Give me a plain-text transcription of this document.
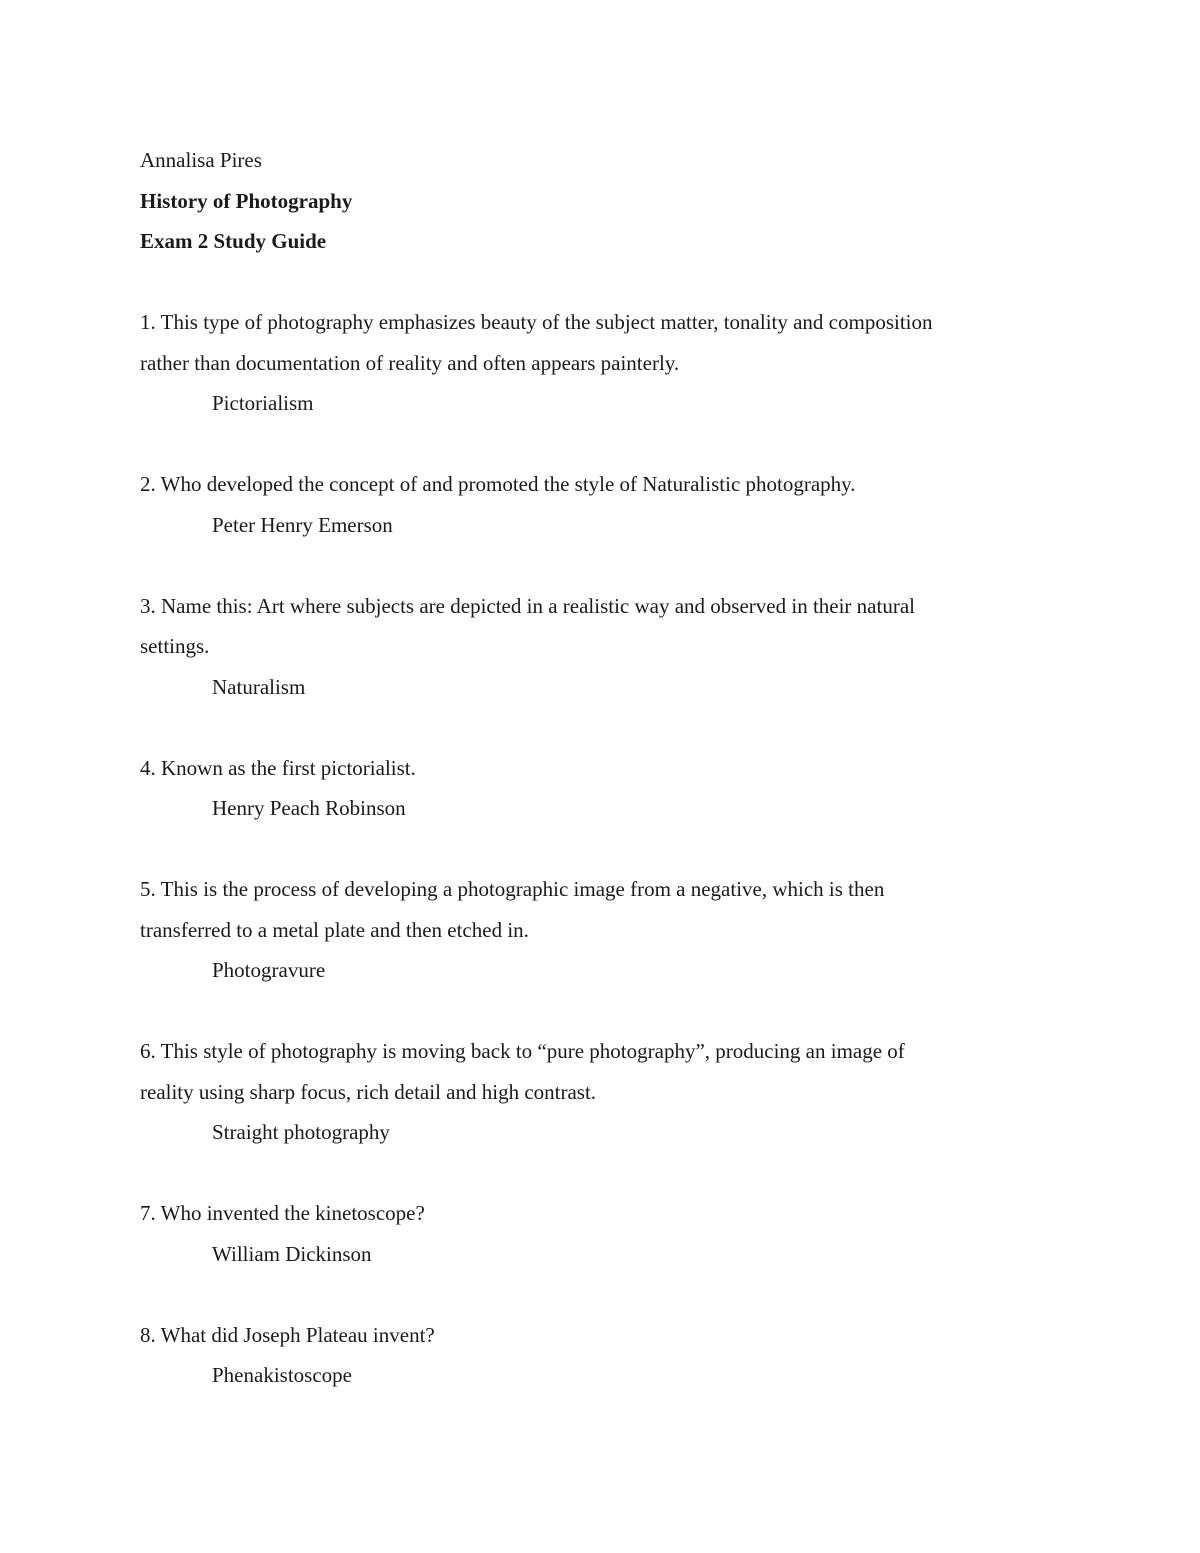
Annalisa Pires
History of Photography
Exam 2 Study Guide
1. This type of photography emphasizes beauty of the subject matter, tonality and composition
rather than documentation of reality and often appears painterly.
Pictorialism
2. Who developed the concept of and promoted the style of Naturalistic photography.
Peter Henry Emerson
3. Name this: Art where subjects are depicted in a realistic way and observed in their natural
settings.
Naturalism
4. Known as the first pictorialist.
Henry Peach Robinson
5. This is the process of developing a photographic image from a negative, which is then
transferred to a metal plate and then etched in.
Photogravure
6. This style of photography is moving back to “pure photography”, producing an image of
reality using sharp focus, rich detail and high contrast.
Straight photography
7. Who invented the kinetoscope?
William Dickinson
8. What did Joseph Plateau invent?
Phenakistoscope
